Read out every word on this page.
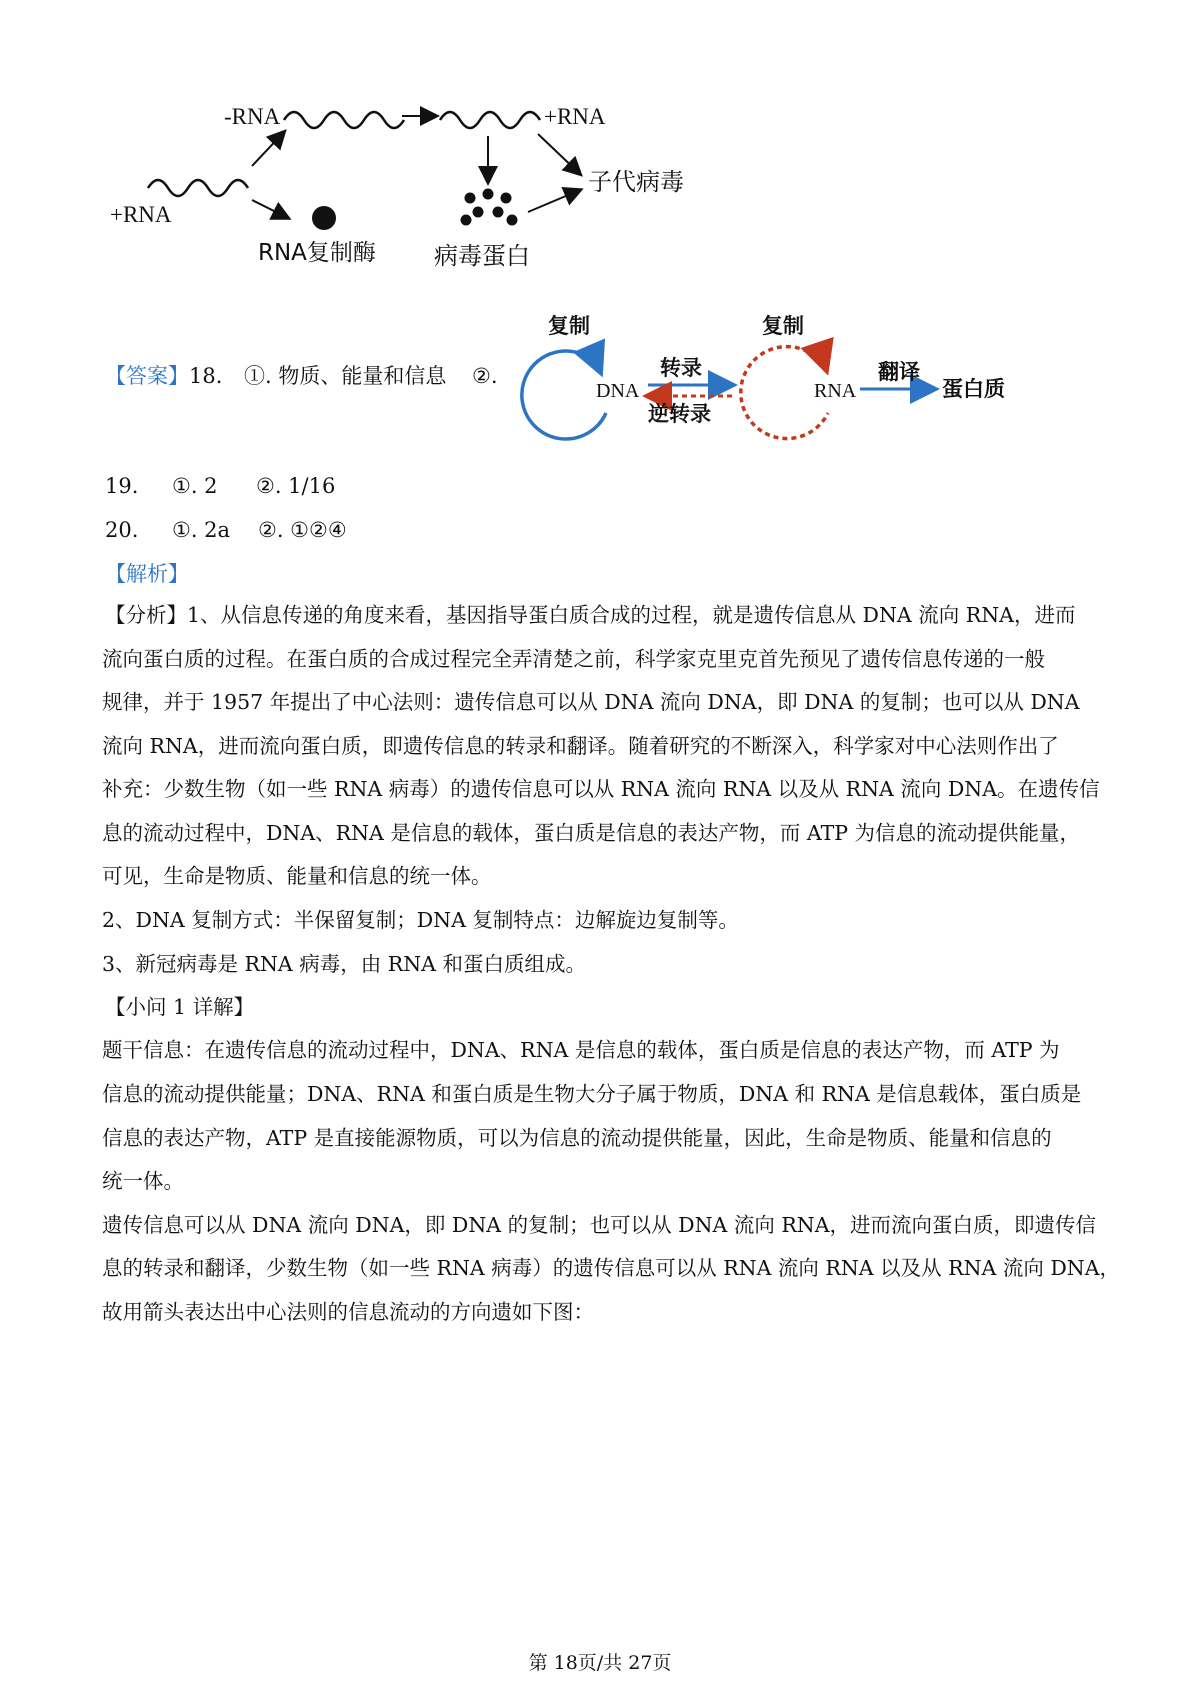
-RNA	+RNA
+RNA
RNA复制酶 病毒蛋白
子代病毒
【答案】18. ①. 物质、能量和信息 ②.
复制	复制
DNA	RNA
转录
逆转录
翻译
蛋白质
19. ①. 2 ②. 1/16
20. ①. 2a ②. ①②④
【解析】
【分析】1、从信息传递的角度来看，基因指导蛋白质合成的过程，就是遗传信息从 DNA 流向 RNA，进而
流向蛋白质的过程。在蛋白质的合成过程完全弄清楚之前，科学家克里克首先预见了遗传信息传递的一般
规律，并于 1957 年提出了中心法则：遗传信息可以从 DNA 流向 DNA，即 DNA 的复制；也可以从 DNA
流向 RNA，进而流向蛋白质，即遗传信息的转录和翻译。随着研究的不断深入，科学家对中心法则作出了
补充：少数生物（如一些 RNA 病毒）的遗传信息可以从 RNA 流向 RNA 以及从 RNA 流向 DNA。在遗传信
息的流动过程中，DNA、RNA 是信息的载体，蛋白质是信息的表达产物，而 ATP 为信息的流动提供能量，
可见，生命是物质、能量和信息的统一体。
2、DNA 复制方式：半保留复制；DNA 复制特点：边解旋边复制等。
3、新冠病毒是 RNA 病毒，由 RNA 和蛋白质组成。
【小问 1 详解】
题干信息：在遗传信息的流动过程中，DNA、RNA 是信息的载体，蛋白质是信息的表达产物，而 ATP 为
信息的流动提供能量；DNA、RNA 和蛋白质是生物大分子属于物质，DNA 和 RNA 是信息载体，蛋白质是
信息的表达产物，ATP 是直接能源物质，可以为信息的流动提供能量，因此，生命是物质、能量和信息的
统一体。
遗传信息可以从 DNA 流向 DNA，即 DNA 的复制；也可以从 DNA 流向 RNA，进而流向蛋白质，即遗传信
息的转录和翻译，少数生物（如一些 RNA 病毒）的遗传信息可以从 RNA 流向 RNA 以及从 RNA 流向 DNA，
故用箭头表达出中心法则的信息流动的方向遗如下图：
第 18页/共 27页
